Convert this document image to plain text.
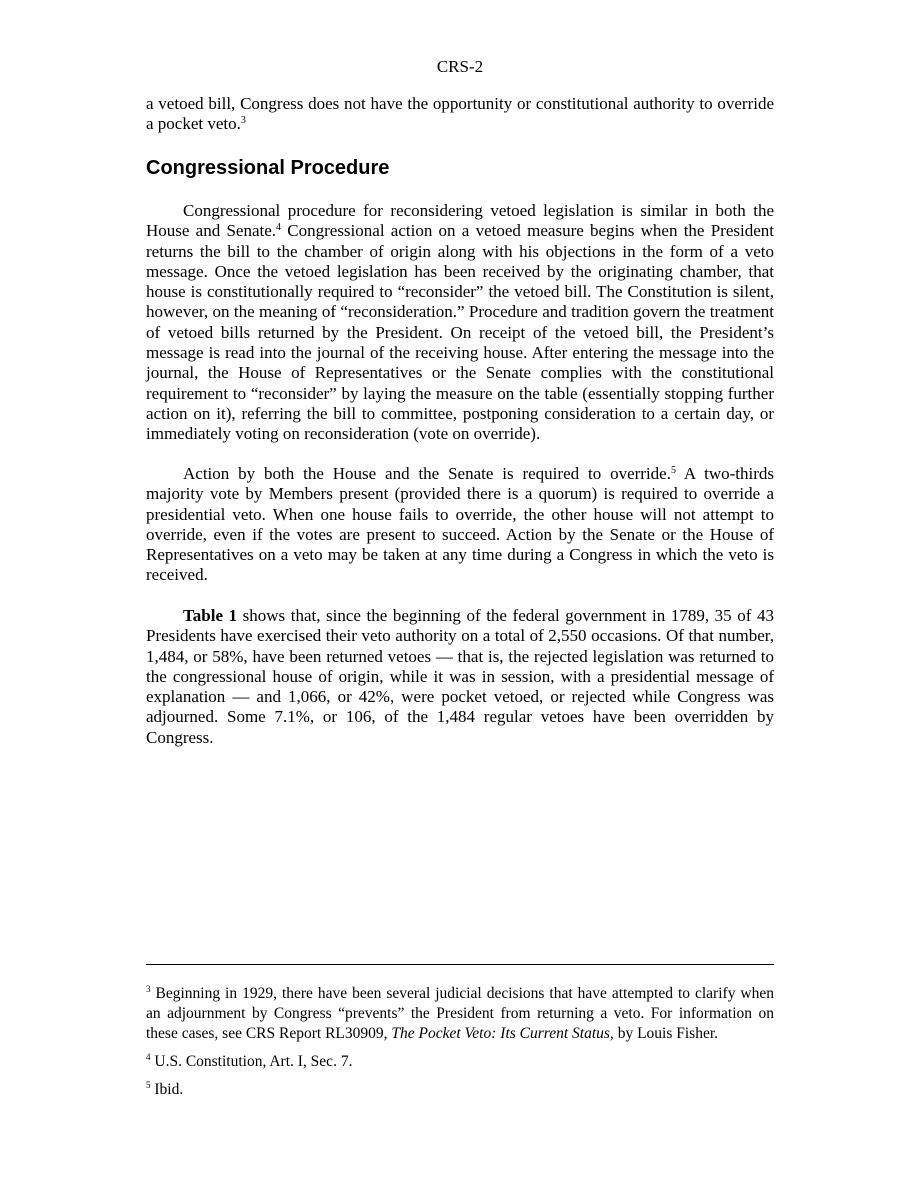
CRS-2

a vetoed bill, Congress does not have the opportunity or constitutional authority to override a pocket veto.$^3$

Congressional Procedure

Congressional procedure for reconsidering vetoed legislation is similar in both the House and Senate.$^4$ Congressional action on a vetoed measure begins when the President returns the bill to the chamber of origin along with his objections in the form of a veto message. Once the vetoed legislation has been received by the originating chamber, that house is constitutionally required to “reconsider” the vetoed bill. The Constitution is silent, however, on the meaning of “reconsideration.” Procedure and tradition govern the treatment of vetoed bills returned by the President. On receipt of the vetoed bill, the President’s message is read into the journal of the receiving house. After entering the message into the journal, the House of Representatives or the Senate complies with the constitutional requirement to “reconsider” by laying the measure on the table (essentially stopping further action on it), referring the bill to committee, postponing consideration to a certain day, or immediately voting on reconsideration (vote on override).

Action by both the House and the Senate is required to override.$^5$ A two-thirds majority vote by Members present (provided there is a quorum) is required to override a presidential veto. When one house fails to override, the other house will not attempt to override, even if the votes are present to succeed. Action by the Senate or the House of Representatives on a veto may be taken at any time during a Congress in which the veto is received.

Table 1 shows that, since the beginning of the federal government in 1789, 35 of 43 Presidents have exercised their veto authority on a total of 2,550 occasions. Of that number, 1,484, or 58%, have been returned vetoes — that is, the rejected legislation was returned to the congressional house of origin, while it was in session, with a presidential message of explanation — and 1,066, or 42%, were pocket vetoed, or rejected while Congress was adjourned. Some 7.1%, or 106, of the 1,484 regular vetoes have been overridden by Congress.

$^3$ Beginning in 1929, there have been several judicial decisions that have attempted to clarify when an adjournment by Congress “prevents” the President from returning a veto. For information on these cases, see CRS Report RL30909, The Pocket Veto: Its Current Status, by Louis Fisher.

$^4$ U.S. Constitution, Art. I, Sec. 7.

$^5$ Ibid.
